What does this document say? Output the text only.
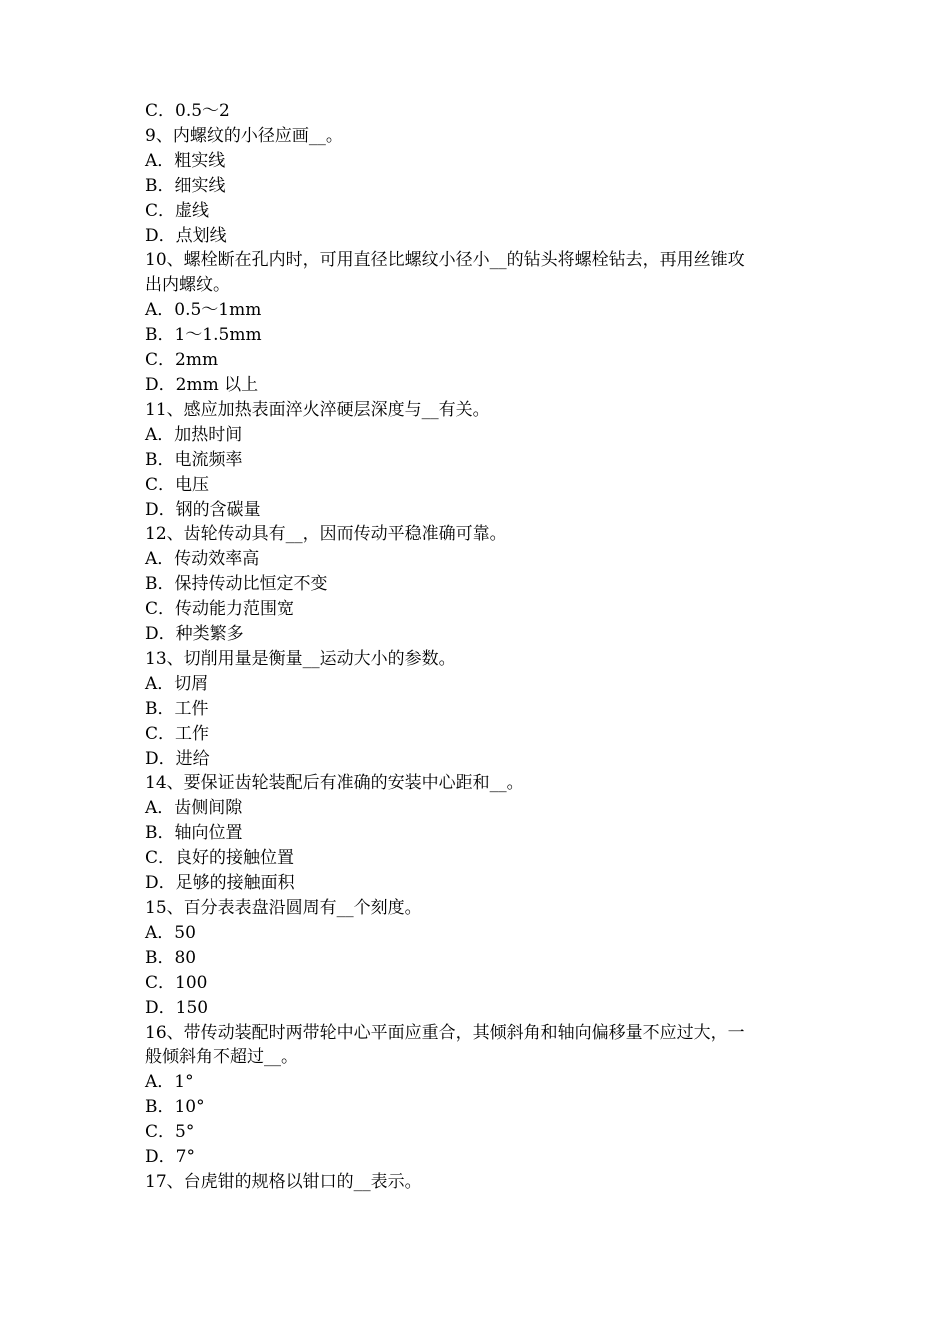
C．0.5～2

9、内螺纹的小径应画__。

A．粗实线

B．细实线

C．虚线

D．点划线

10、螺栓断在孔内时，可用直径比螺纹小径小__的钻头将螺栓钻去，再用丝锥攻

出内螺纹。

A．0.5～1mm

B．1～1.5mm

C．2mm

D．2mm 以上

11、感应加热表面淬火淬硬层深度与__有关。

A．加热时间

B．电流频率

C．电压

D．钢的含碳量

12、齿轮传动具有__，因而传动平稳准确可靠。

A．传动效率高

B．保持传动比恒定不变

C．传动能力范围宽

D．种类繁多

13、切削用量是衡量__运动大小的参数。

A．切屑

B．工件

C．工作

D．进给

14、要保证齿轮装配后有准确的安装中心距和__。

A．齿侧间隙

B．轴向位置

C．良好的接触位置

D．足够的接触面积

15、百分表表盘沿圆周有__个刻度。

A．50

B．80

C．100

D．150

16、带传动装配时两带轮中心平面应重合，其倾斜角和轴向偏移量不应过大，一

般倾斜角不超过__。

A．1°

B．10°

C．5°

D．7°

17、台虎钳的规格以钳口的__表示。
